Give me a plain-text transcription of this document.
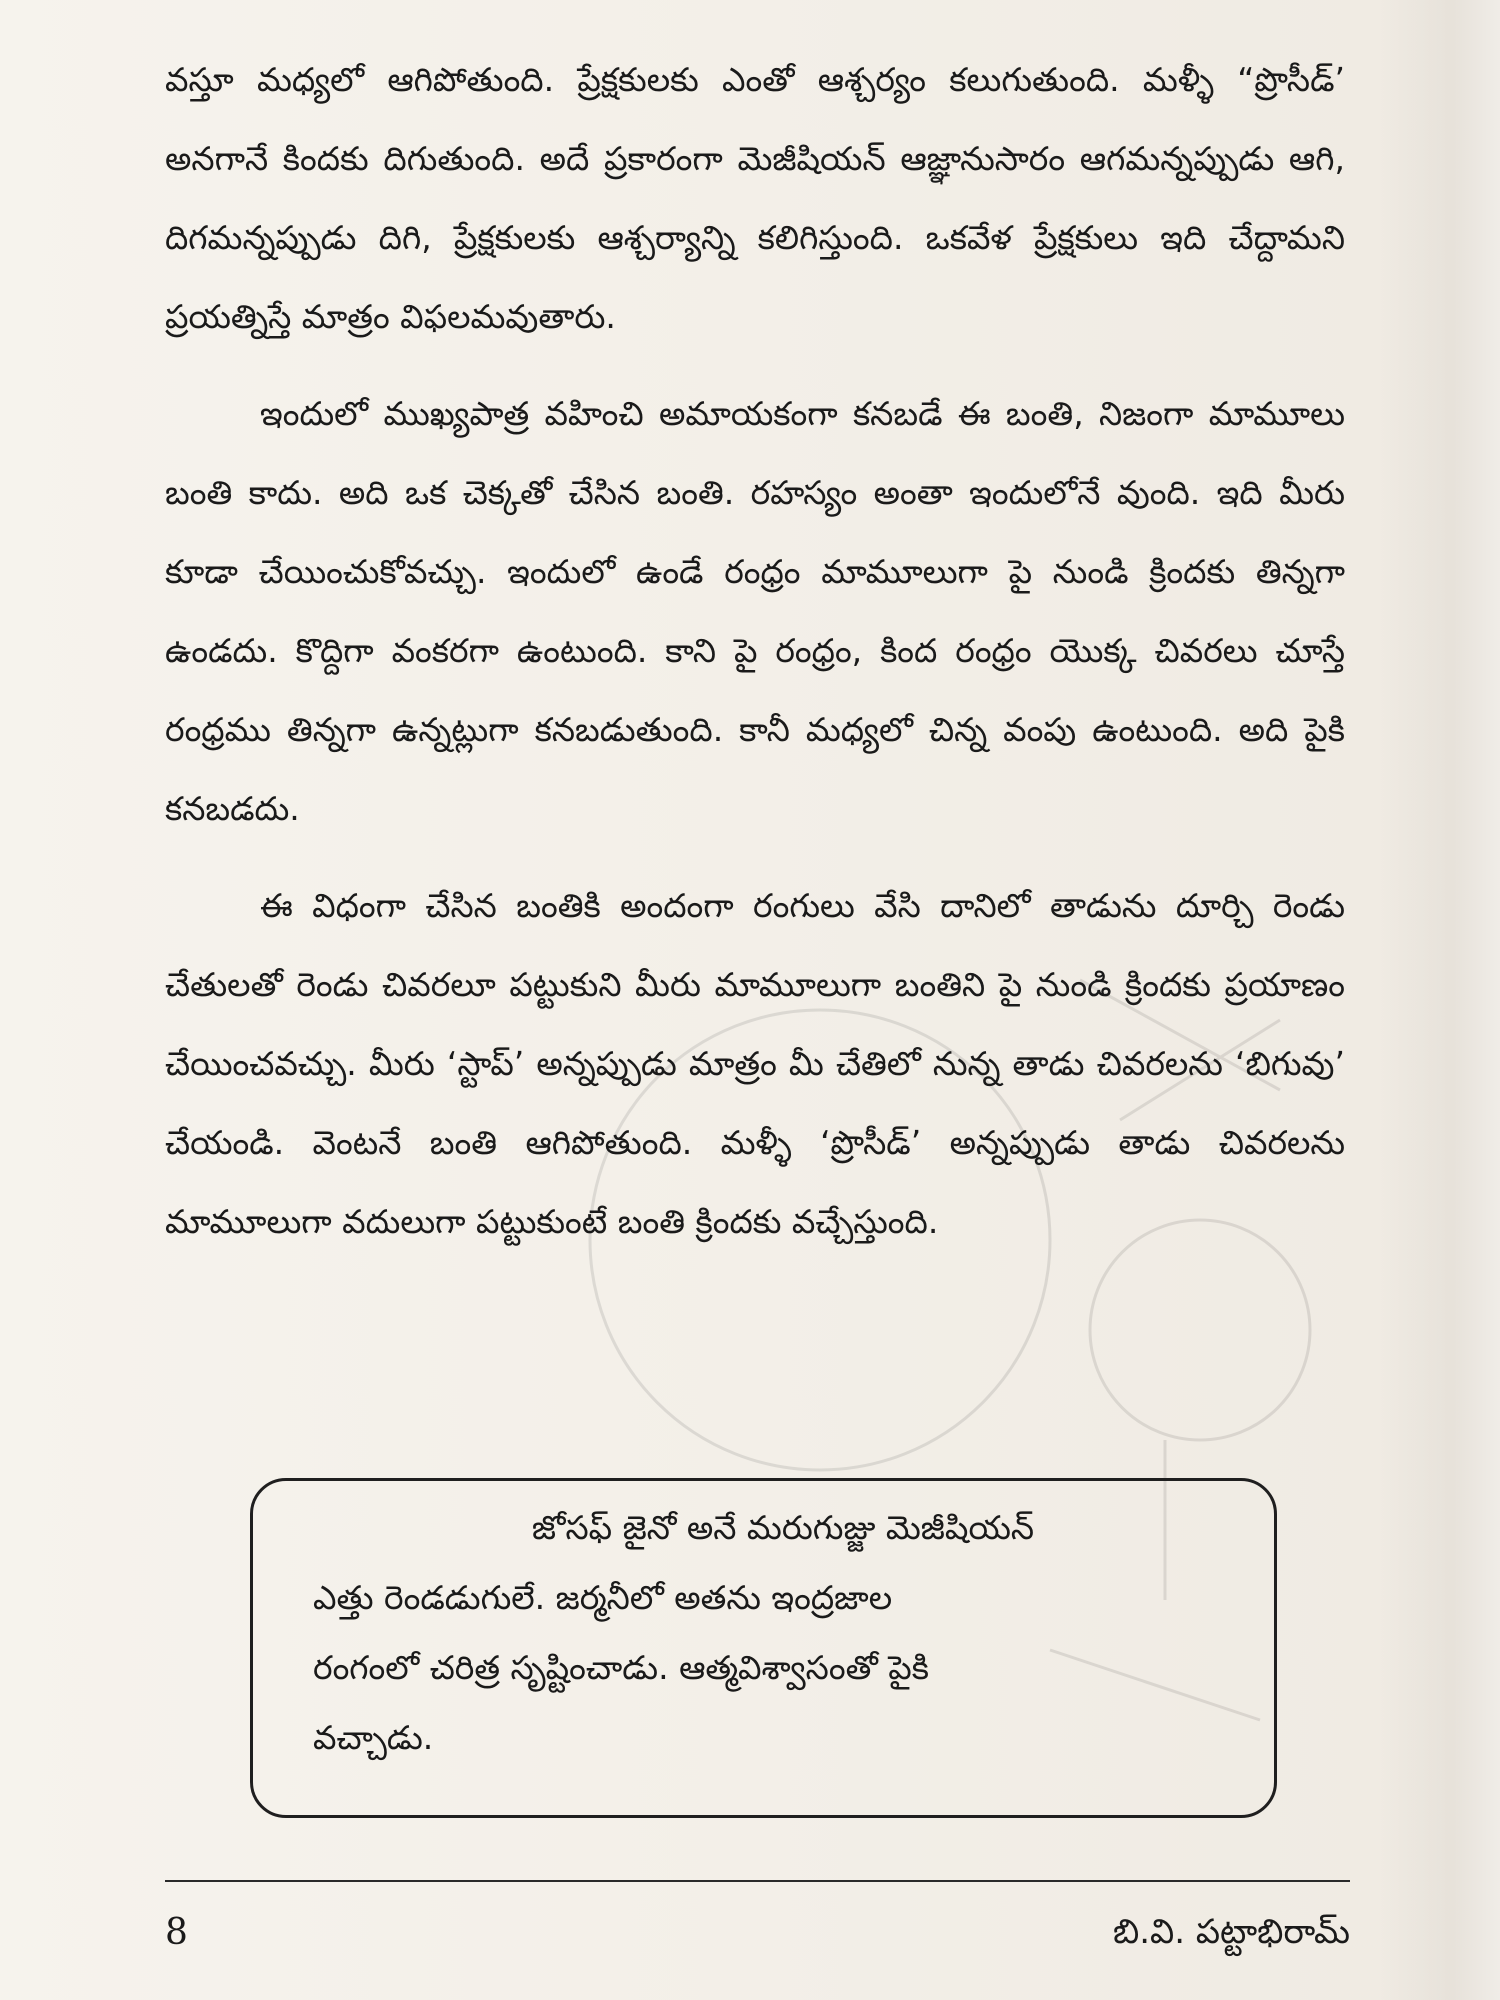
వస్తూ మధ్యలో ఆగిపోతుంది. ప్రేక్షకులకు ఎంతో ఆశ్చర్యం కలుగుతుంది. మళ్ళీ “ప్రొసీడ్’ అనగానే కిందకు దిగుతుంది. అదే ప్రకారంగా మెజీషియన్ ఆజ్ఞానుసారం ఆగమన్నప్పుడు ఆగి, దిగమన్నప్పుడు దిగి, ప్రేక్షకులకు ఆశ్చర్యాన్ని కలిగిస్తుంది. ఒకవేళ ప్రేక్షకులు ఇది చేద్దామని ప్రయత్నిస్తే మాత్రం విఫలమవుతారు.

ఇందులో ముఖ్యపాత్ర వహించి అమాయకంగా కనబడే ఈ బంతి, నిజంగా మామూలు బంతి కాదు. అది ఒక చెక్కతో చేసిన బంతి. రహస్యం అంతా ఇందులోనే వుంది. ఇది మీరు కూడా చేయించుకోవచ్చు. ఇందులో ఉండే రంధ్రం మామూలుగా పై నుండి క్రిందకు తిన్నగా ఉండదు. కొద్దిగా వంకరగా ఉంటుంది. కాని పై రంధ్రం, కింద రంధ్రం యొక్క చివరలు చూస్తే రంధ్రము తిన్నగా ఉన్నట్లుగా కనబడుతుంది. కానీ మధ్యలో చిన్న వంపు ఉంటుంది. అది పైకి కనబడదు.

ఈ విధంగా చేసిన బంతికి అందంగా రంగులు వేసి దానిలో తాడును దూర్చి రెండు చేతులతో రెండు చివరలూ పట్టుకుని మీరు మామూలుగా బంతిని పై నుండి క్రిందకు ప్రయాణం చేయించవచ్చు. మీరు ‘స్టాప్’ అన్నప్పుడు మాత్రం మీ చేతిలో నున్న తాడు చివరలను ‘బిగువు’ చేయండి. వెంటనే బంతి ఆగిపోతుంది. మళ్ళీ ‘ప్రొసీడ్’ అన్నప్పుడు తాడు చివరలను మామూలుగా వదులుగా పట్టుకుంటే బంతి క్రిందకు వచ్చేస్తుంది.

జోసఫ్ జైనో అనే మరుగుజ్జు మెజీషియన్
ఎత్తు రెండడుగులే. జర్మనీలో అతను ఇంద్రజాల
రంగంలో చరిత్ర సృష్టించాడు. ఆత్మవిశ్వాసంతో పైకి
వచ్చాడు.
8	బి.వి. పట్టాభిరామ్
